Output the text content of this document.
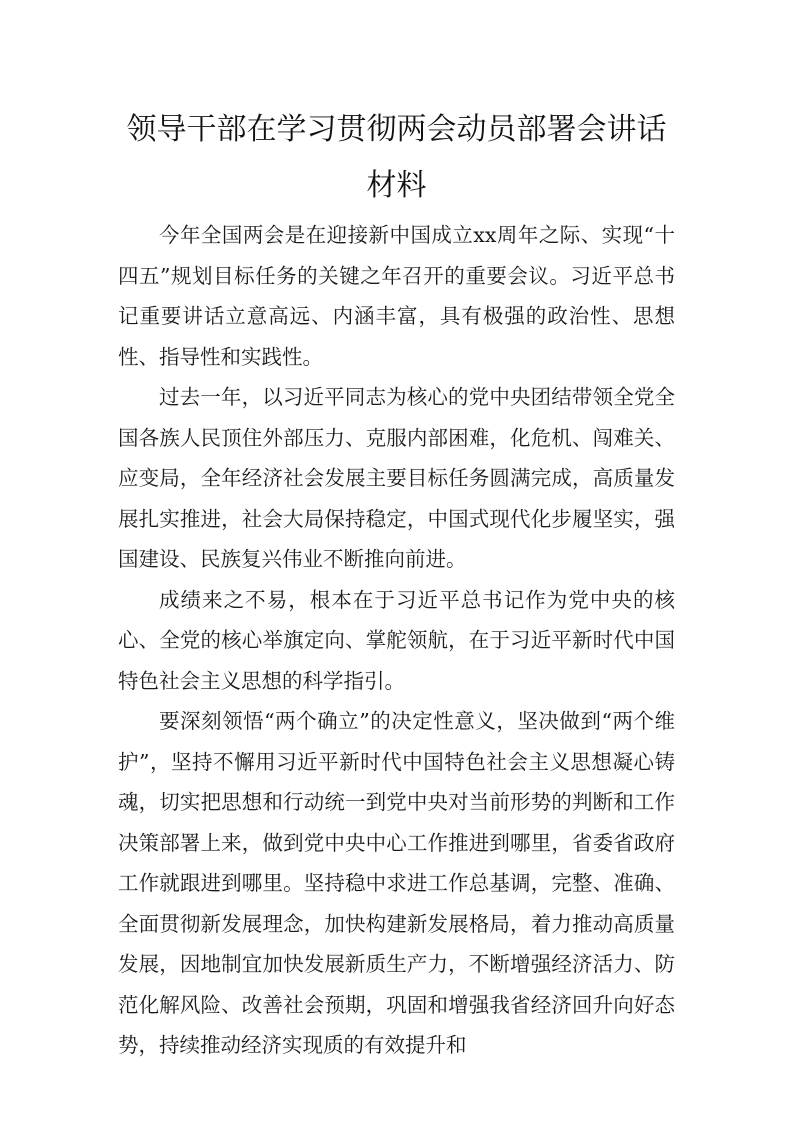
领导干部在学习贯彻两会动员部署会讲话
材料

今年全国两会是在迎接新中国成立xx周年之际、实现“十四五”规划目标任务的关键之年召开的重要会议。习近平总书记重要讲话立意高远、内涵丰富，具有极强的政治性、思想性、指导性和实践性。

过去一年，以习近平同志为核心的党中央团结带领全党全国各族人民顶住外部压力、克服内部困难，化危机、闯难关、应变局，全年经济社会发展主要目标任务圆满完成，高质量发展扎实推进，社会大局保持稳定，中国式现代化步履坚实，强国建设、民族复兴伟业不断推向前进。

成绩来之不易，根本在于习近平总书记作为党中央的核心、全党的核心举旗定向、掌舵领航，在于习近平新时代中国特色社会主义思想的科学指引。

要深刻领悟“两个确立”的决定性意义，坚决做到“两个维护”，坚持不懈用习近平新时代中国特色社会主义思想凝心铸魂，切实把思想和行动统一到党中央对当前形势的判断和工作决策部署上来，做到党中央中心工作推进到哪里，省委省政府工作就跟进到哪里。坚持稳中求进工作总基调，完整、准确、全面贯彻新发展理念，加快构建新发展格局，着力推动高质量发展，因地制宜加快发展新质生产力，不断增强经济活力、防范化解风险、改善社会预期，巩固和增强我省经济回升向好态势，持续推动经济实现质的有效提升和
